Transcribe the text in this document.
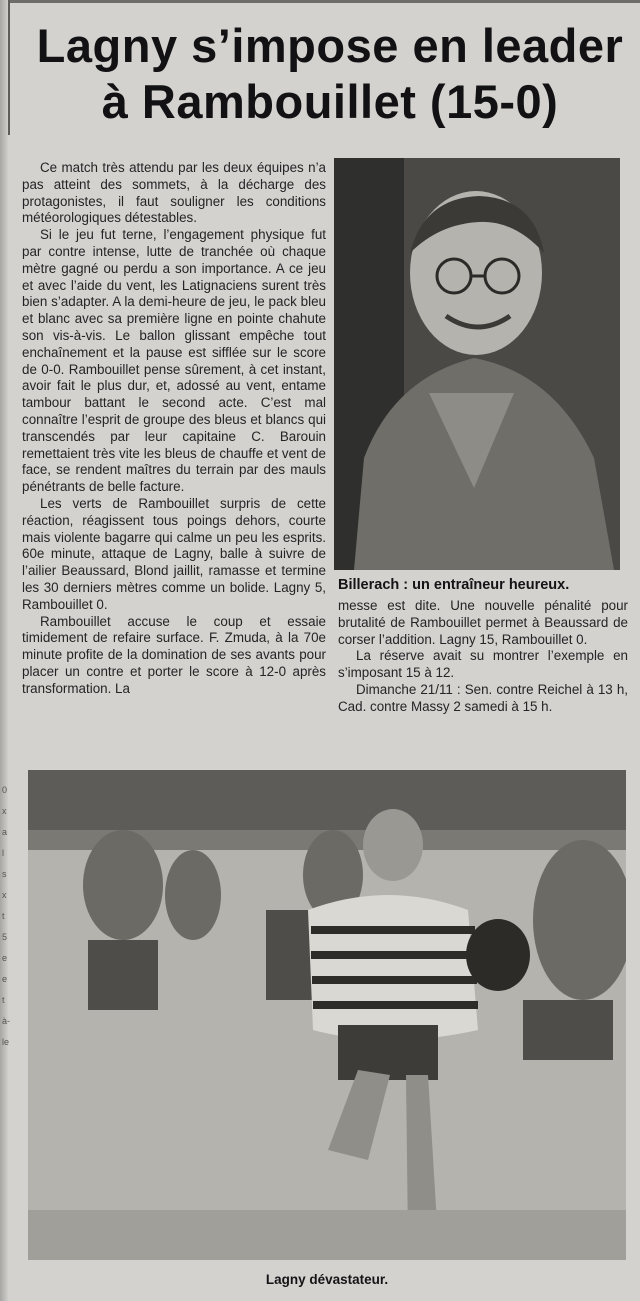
0
x
a
l
s
x
t
5
e
e
t
à-
le
Lagny s’impose en leader
à Rambouillet (15-0)

Ce match très attendu par les deux équipes n’a pas atteint des sommets, à la décharge des protagonistes, il faut souligner les conditions météorologiques détestables.

Si le jeu fut terne, l’engagement physique fut par contre intense, lutte de tranchée où chaque mètre gagné ou perdu a son importance. A ce jeu et avec l’aide du vent, les Latignaciens surent très bien s’adapter. A la demi-heure de jeu, le pack bleu et blanc avec sa première ligne en pointe chahute son vis-à-vis. Le ballon glissant empêche tout enchaînement et la pause est sifflée sur le score de 0-0. Rambouillet pense sûrement, à cet instant, avoir fait le plus dur, et, adossé au vent, entame tambour battant le second acte. C’est mal connaître l’esprit de groupe des bleus et blancs qui transcendés par leur capitaine C. Barouin remettaient très vite les bleus de chauffe et vent de face, se rendent maîtres du terrain par des mauls pénétrants de belle facture.

Les verts de Rambouillet surpris de cette réaction, réagissent tous poings dehors, courte mais violente bagarre qui calme un peu les esprits. 60e minute, attaque de Lagny, balle à suivre de l’ailier Beaussard, Blond jaillit, ramasse et termine les 30 derniers mètres comme un bolide. Lagny 5, Rambouillet 0.

Rambouillet accuse le coup et essaie timidement de refaire surface. F. Zmuda, à la 70e minute profite de la domination de ses avants pour placer un contre et porter le score à 12-0 après transformation. La

Billerach : un entraîneur heureux.

messe est dite. Une nouvelle pénalité pour brutalité de Rambouillet permet à Beaussard de corser l’addition. Lagny 15, Rambouillet 0.

La réserve avait su montrer l’exemple en s’imposant 15 à 12.

Dimanche 21/11 : Sen. contre Reichel à 13 h, Cad. contre Massy 2 samedi à 15 h.

Lagny dévastateur.
